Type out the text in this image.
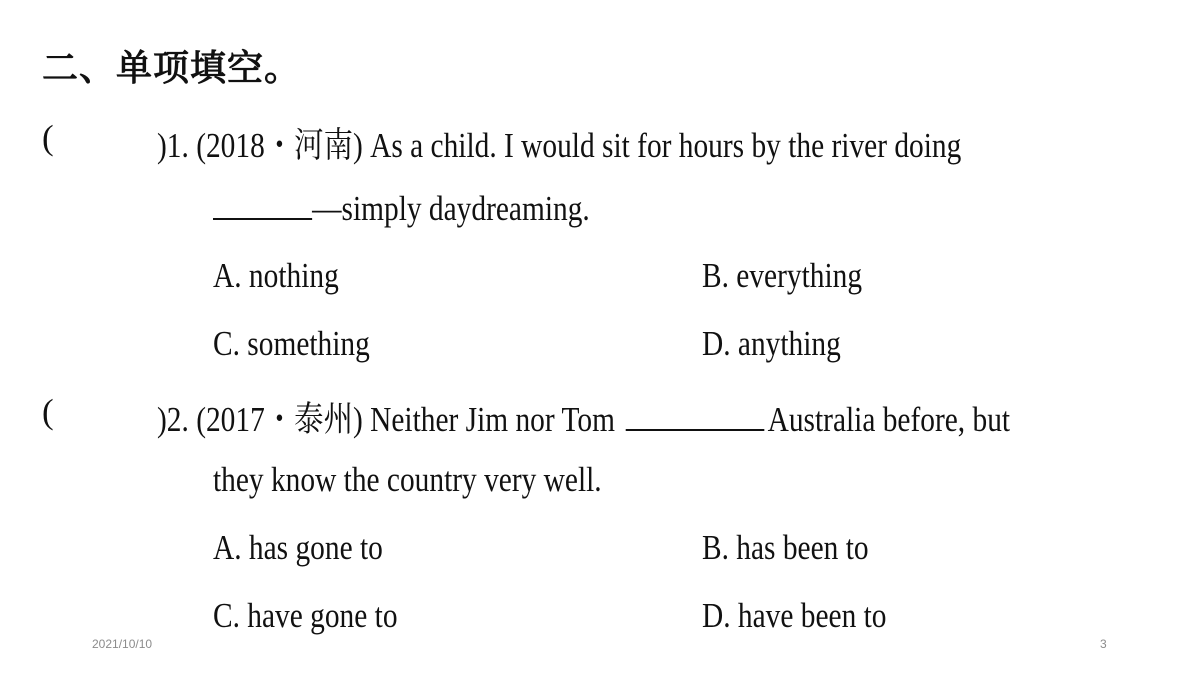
二、单项填空。
(	)1. (2018・河南) As a child. I would sit for hours by the river doing
—simply daydreaming.
A. nothing	B. everything
C. something	D. anything
(	)2. (2017・泰州) Neither Jim nor Tom	Australia before, but
they know the country very well.
A. has gone to	B. has been to
C. have gone to	D. have been to
2021/10/10	3
